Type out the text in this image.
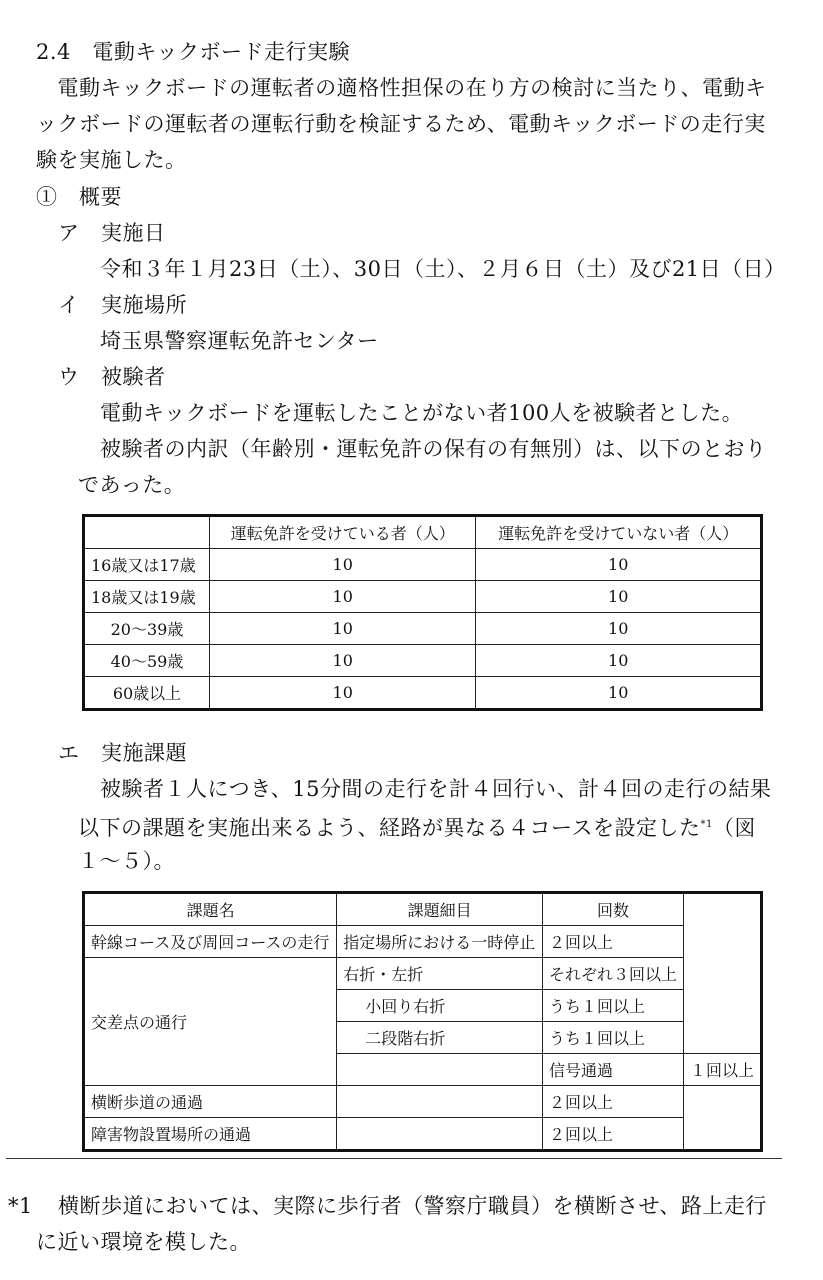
2.4　電動キックボード走行実験
　電動キックボードの運転者の適格性担保の在り方の検討に当たり、電動キ
ックボードの運転者の運転行動を検証するため、電動キックボードの走行実
験を実施した。
①　概要
ア　実施日
令和３年１月23日（土）、30日（土）、２月６日（土）及び21日（日）
イ　実施場所
埼玉県警察運転免許センター
ウ　被験者
電動キックボードを運転したことがない者100人を被験者とした。
被験者の内訳（年齢別・運転免許の保有の有無別）は、以下のとおり
であった。
	運転免許を受けている者（人）	運転免許を受けていない者（人）
16歳又は17歳	10	10
18歳又は19歳	10	10
20～39歳	10	10
40～59歳	10	10
60歳以上	10	10
エ　実施課題
被験者１人につき、15分間の走行を計４回行い、計４回の走行の結果
以下の課題を実施出来るよう、経路が異なる４コースを設定した$^{*1}$（図
１～５）。
課題名	課題細目	回数	
幹線コース及び周回コースの走行	指定場所における一時停止	２回以上	
交差点の通行	右折・左折	それぞれ３回以上	
	小回り右折	うち１回以上	
	二段階右折	うち１回以上	
		信号通過	１回以上
横断歩道の通過		２回以上	
障害物設置場所の通過		２回以上	
*1 横断歩道においては、実際に歩行者（警察庁職員）を横断させ、路上走行
に近い環境を模した。
